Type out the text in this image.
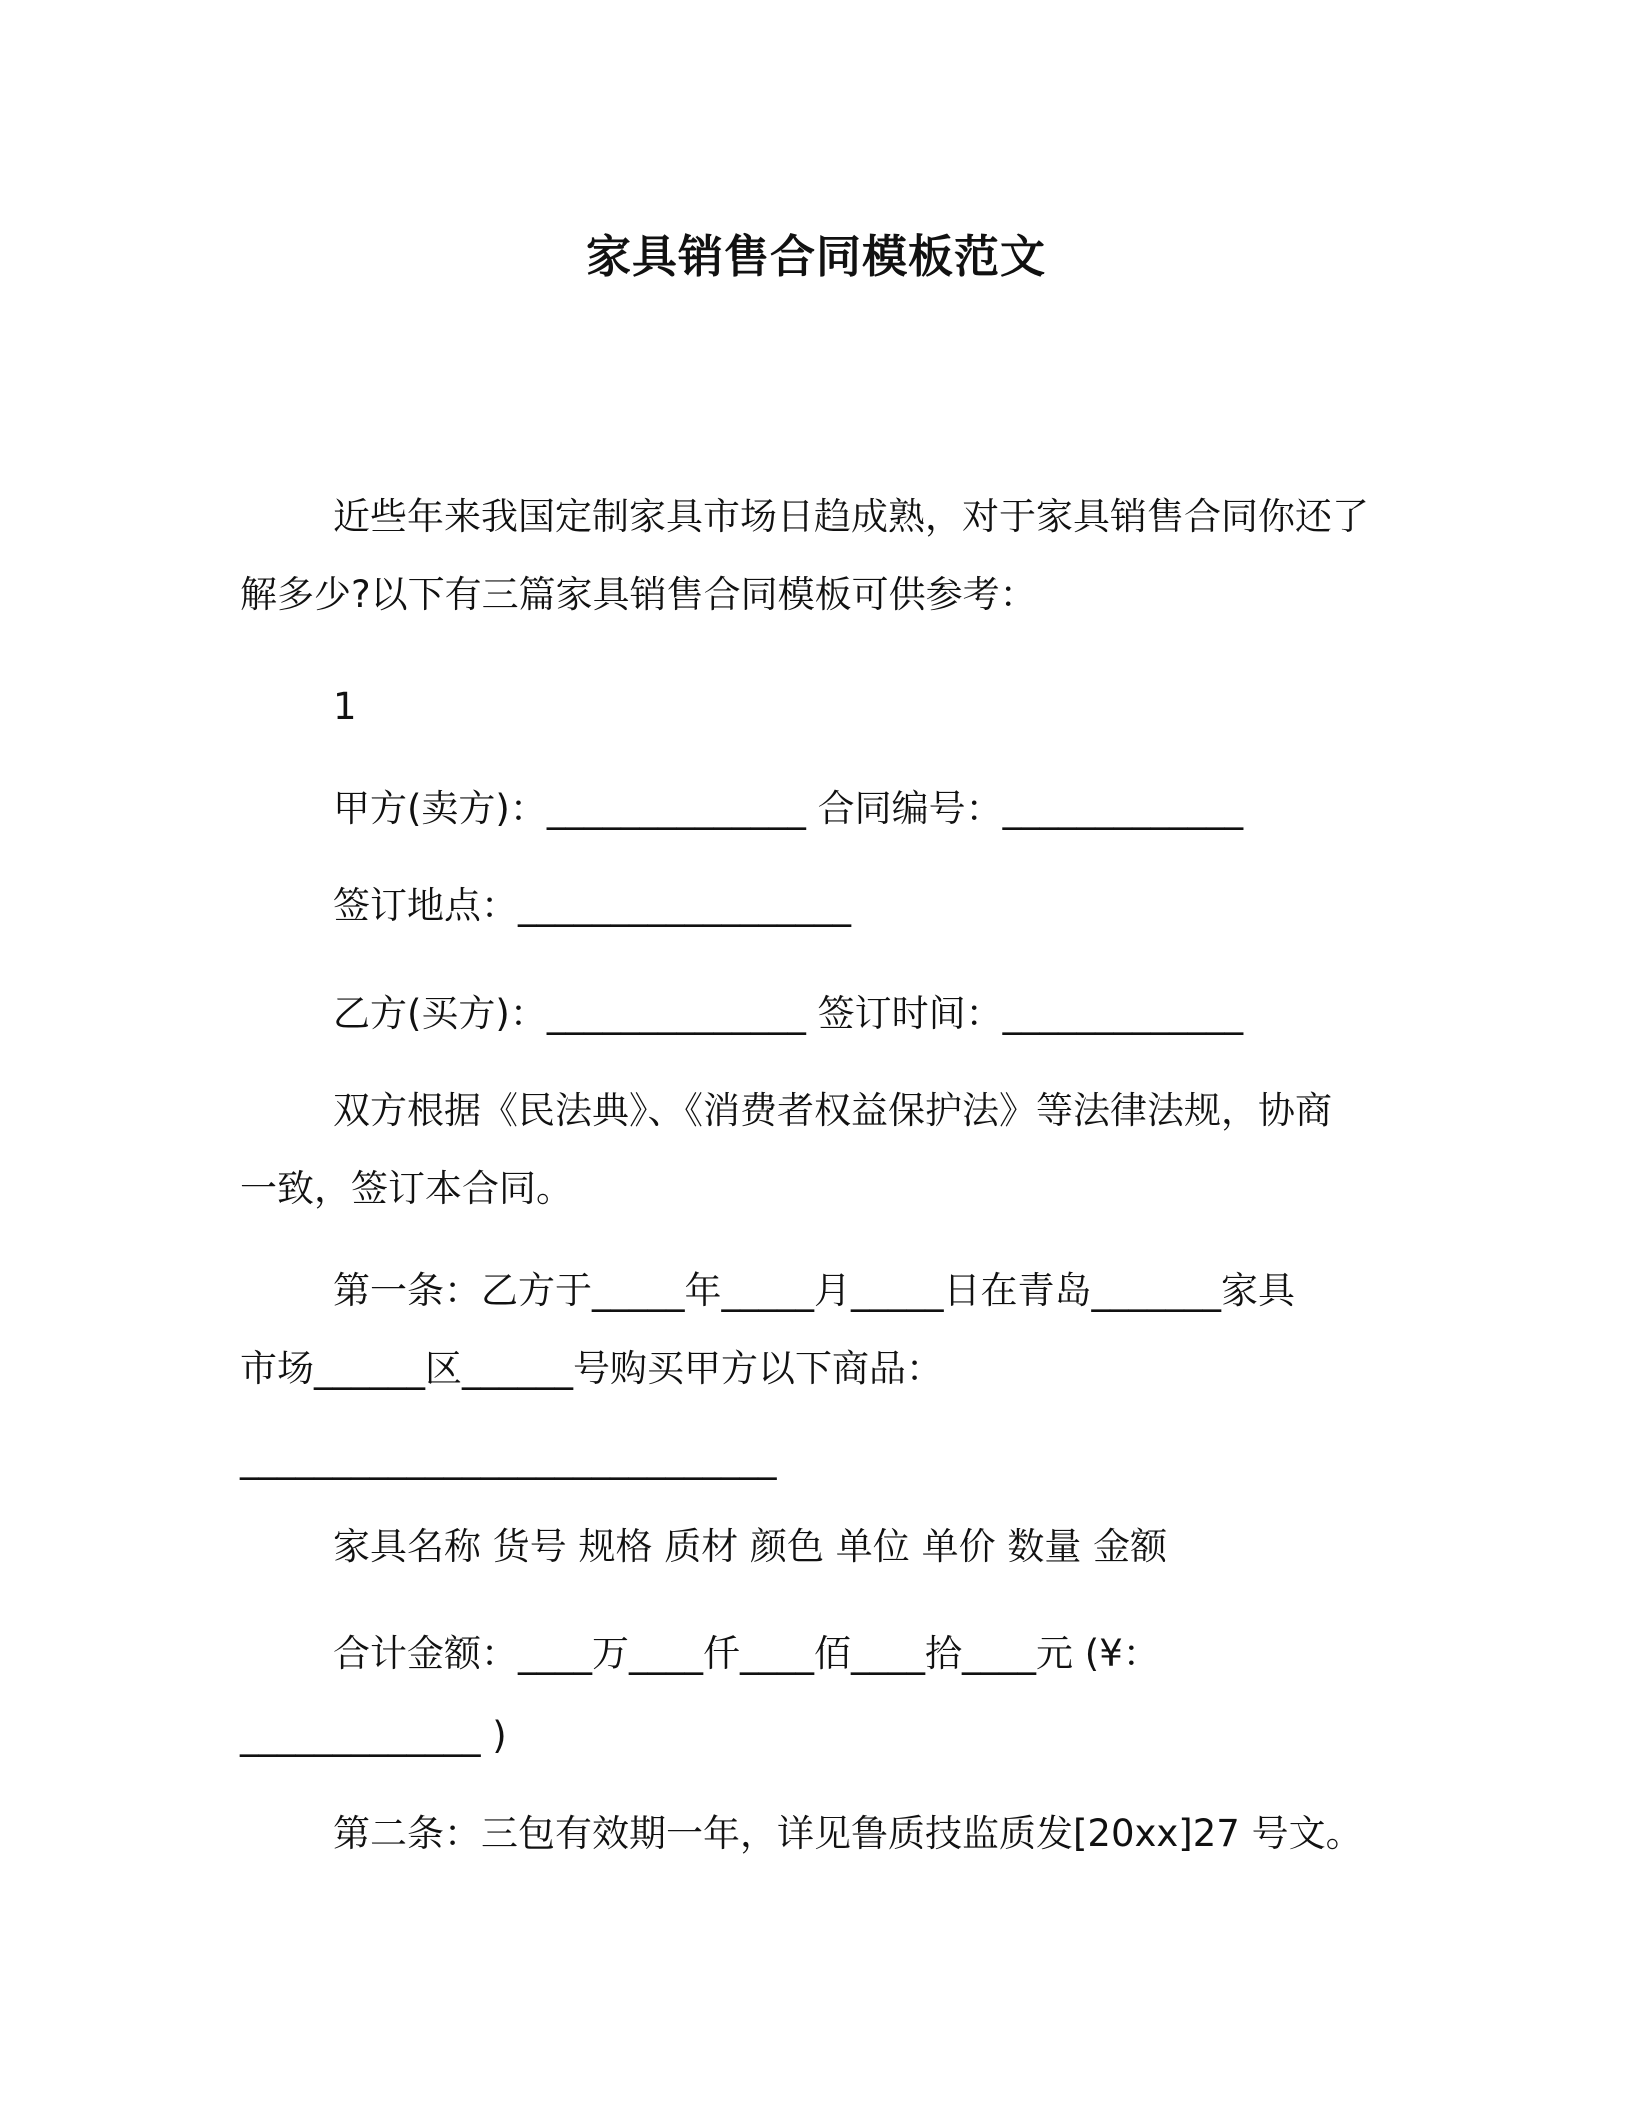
家具销售合同模板范文
近些年来我国定制家具市场日趋成熟，对于家具销售合同你还了
解多少?以下有三篇家具销售合同模板可供参考：
1
甲方(卖方)：______________ 合同编号：_____________
签订地点：__________________
乙方(买方)：______________ 签订时间：_____________
双方根据《民法典》、《消费者权益保护法》等法律法规，协商
一致，签订本合同。
第一条：乙方于_____年_____月_____日在青岛_______家具
市场______区______号购买甲方以下商品：
_____________________________
家具名称 货号 规格 质材 颜色 单位 单价 数量 金额
合计金额：____万____仟____佰____拾____元 (¥：
_____________ )
第二条：三包有效期一年，详见鲁质技监质发[20xx]27 号文。
